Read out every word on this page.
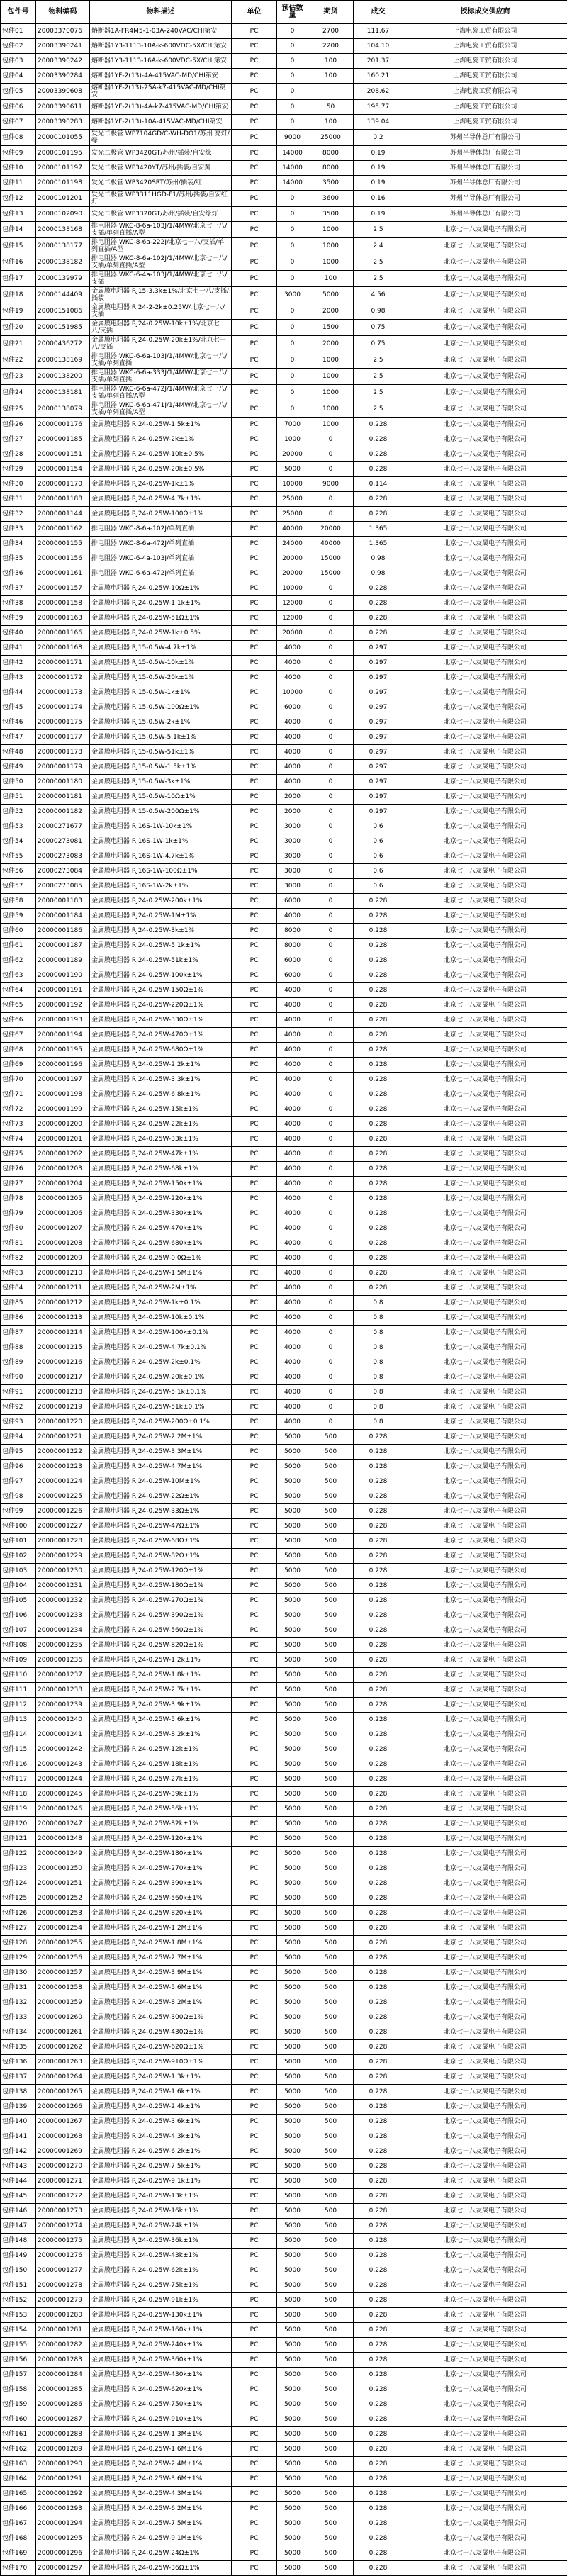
包件号	物料编码	物料描述	单位	预估数量	期货	成交	授标成交供应商
包件01	20003370076	熔断器1A-FR4M5-1-03A-240VAC/CHI第安	PC	0	2700	111.67	上海电瓷工贸有限公司
包件02	20003390241	熔断器1Y3-1113-10A-k-600VDC-5X/CHI第安	PC	0	2200	104.10	上海电瓷工贸有限公司
包件03	20003390242	熔断器1Y3-1113-16A-k-600VDC-5X/CHI第安	PC	0	100	201.37	上海电瓷工贸有限公司
包件04	20003390284	熔断器1YF-2(13)-4A-415VAC-MD/CHI第安	PC	0	100	160.21	上海电瓷工贸有限公司
包件05	20003390608	熔断器1YF-2(13)-25A-k7-415VAC-MD/CHI第安	PC	0		208.62	上海电瓷工贸有限公司
包件06	20003390611	熔断器1YF-2(13)-4A-k7-415VAC-MD/CHI第安	PC	0	50	195.77	上海电瓷工贸有限公司
包件07	20003390283	熔断器1YF-2(13)-10A-415VAC-MD/CHI第安	PC	0	100	139.04	上海电瓷工贸有限公司
包件08	20000101055	发光二极管 WP7104GD/C-WH-DO1/苏州 亮灯/绿	PC	9000	25000	0.2	苏州半导体总厂有限公司
包件09	20000101195	发光二极管 WP3420GT/苏州/插装/自安绿	PC	14000	8000	0.19	苏州半导体总厂有限公司
包件10	20000101197	发光二极管 WP3420YT/苏州/插装/自安黄	PC	14000	8000	0.19	苏州半导体总厂有限公司
包件11	20000101198	发光二极管 WP3420SRT/苏州/插装/红	PC	14000	3500	0.19	苏州半导体总厂有限公司
包件12	20000101201	发光二极管 WP3311HGD-F1/苏州/插装/自安红灯	PC	0	3600	0.16	苏州半导体总厂有限公司
包件13	20000102090	发光二极管 WP3320GT/苏州/插装/自安绿灯	PC	0	3500	0.19	苏州半导体总厂有限公司
包件14	20000138168	排电阻器 WKC-8-6a-103J/1/4MW/北京七一八/支插/单列直插/A型	PC	0	1000	2.5	北京七一八友晟电子有限公司
包件15	20000138177	排电阻器 WKC-8-6a-222J/北京七一八/支插/单列直插/A型	PC	0	1000	2.4	北京七一八友晟电子有限公司
包件16	20000138182	排电阻器 WKC-8-6a-102J/1/4MW/北京七一八/支插/单列直插/A型	PC	0	1000	2.5	北京七一八友晟电子有限公司
包件17	20000139979	排电阻器 WKC-6-4a-103J/1/4MW/北京七一八/支插	PC	0	100	2.5	北京七一八友晟电子有限公司
包件18	20000144409	金属膜电阻器 RJ15-3.3k±1%/北京七一八/支插/插装	PC	3000	5000	4.56	北京七一八友晟电子有限公司
包件19	20000151086	金属膜电阻器 RJ24-2-2k±0.25W/北京七一八/支插	PC	0	2000	0.98	北京七一八友晟电子有限公司
包件20	20000151985	金属膜电阻器 RJ24-0.25W-10k±1%/北京七一八/支插	PC	0	1500	0.75	北京七一八友晟电子有限公司
包件21	20000436272	金属膜电阻器 RJ24-0.25W-20k±1%/北京七一八/支插	PC	0	2000	0.75	北京七一八友晟电子有限公司
包件22	20000138169	排电阻器 WKC-6-6a-103J/1/4MW/北京七一八/支插/单列直插	PC	0	1000	2.5	北京七一八友晟电子有限公司
包件23	20000138200	排电阻器 WKC-6-6a-333J/1/4MW/北京七一八/支插/单列直插	PC	0	1000	2.5	北京七一八友晟电子有限公司
包件24	20000138181	排电阻器 WKC-6-6a-472J/1/4MW/北京七一八/支插/单列直插/A型	PC	0	1000	2.5	北京七一八友晟电子有限公司
包件25	20000138079	排电阻器 WKC-6-6a-471J/1/4MW/北京七一八/支插/单列直插/A型	PC	0	1000	2.5	北京七一八友晟电子有限公司
包件26	20000001176	金属膜电阻器 RJ24-0.25W-1.5k±1%	PC	7000	1000	0.228	北京七一八友晟电子有限公司
包件27	20000001185	金属膜电阻器 RJ24-0.25W-2k±1%	PC	1000	0	0.228	北京七一八友晟电子有限公司
包件28	20000001151	金属膜电阻器 RJ24-0.25W-10k±0.5%	PC	20000	0	0.228	北京七一八友晟电子有限公司
包件29	20000001154	金属膜电阻器 RJ24-0.25W-20k±0.5%	PC	5000	0	0.228	北京七一八友晟电子有限公司
包件30	20000001170	金属膜电阻器 RJ24-0.25W-1k±1%	PC	10000	9000	0.114	北京七一八友晟电子有限公司
包件31	20000001188	金属膜电阻器 RJ24-0.25W-4.7k±1%	PC	25000	0	0.228	北京七一八友晟电子有限公司
包件32	20000001144	金属膜电阻器 RJ24-0.25W-100Ω±1%	PC	25000	0	0.228	北京七一八友晟电子有限公司
包件33	20000001162	排电阻器 WKC-8-6a-102J/单列直插	PC	40000	20000	1.365	北京七一八友晟电子有限公司
包件34	20000001155	排电阻器 WKC-8-6a-472J/单列直插	PC	24000	40000	1.365	北京七一八友晟电子有限公司
包件35	20000001156	排电阻器 WKC-6-4a-103J/单列直插	PC	20000	15000	0.98	北京七一八友晟电子有限公司
包件36	20000001161	排电阻器 WKC-6-6a-472J/单列直插	PC	20000	15000	0.98	北京七一八友晟电子有限公司
包件37	20000001157	金属膜电阻器 RJ24-0.25W-10Ω±1%	PC	10000	0	0.228	北京七一八友晟电子有限公司
包件38	20000001158	金属膜电阻器 RJ24-0.25W-1.1k±1%	PC	12000	0	0.228	北京七一八友晟电子有限公司
包件39	20000001163	金属膜电阻器 RJ24-0.25W-51Ω±1%	PC	12000	0	0.228	北京七一八友晟电子有限公司
包件40	20000001166	金属膜电阻器 RJ24-0.25W-1k±0.5%	PC	20000	0	0.228	北京七一八友晟电子有限公司
包件41	20000001168	金属膜电阻器 RJ15-0.5W-4.7k±1%	PC	4000	0	0.297	北京七一八友晟电子有限公司
包件42	20000001171	金属膜电阻器 RJ15-0.5W-10k±1%	PC	4000	0	0.297	北京七一八友晟电子有限公司
包件43	20000001172	金属膜电阻器 RJ15-0.5W-20k±1%	PC	4000	0	0.297	北京七一八友晟电子有限公司
包件44	20000001173	金属膜电阻器 RJ15-0.5W-1k±1%	PC	10000	0	0.297	北京七一八友晟电子有限公司
包件45	20000001174	金属膜电阻器 RJ15-0.5W-100Ω±1%	PC	6000	0	0.297	北京七一八友晟电子有限公司
包件46	20000001175	金属膜电阻器 RJ15-0.5W-2k±1%	PC	4000	0	0.297	北京七一八友晟电子有限公司
包件47	20000001177	金属膜电阻器 RJ15-0.5W-5.1k±1%	PC	4000	0	0.297	北京七一八友晟电子有限公司
包件48	20000001178	金属膜电阻器 RJ15-0.5W-51k±1%	PC	4000	0	0.297	北京七一八友晟电子有限公司
包件49	20000001179	金属膜电阻器 RJ15-0.5W-1.5k±1%	PC	4000	0	0.297	北京七一八友晟电子有限公司
包件50	20000001180	金属膜电阻器 RJ15-0.5W-3k±1%	PC	4000	0	0.297	北京七一八友晟电子有限公司
包件51	20000001181	金属膜电阻器 RJ15-0.5W-10Ω±1%	PC	2000	0	0.297	北京七一八友晟电子有限公司
包件52	20000001182	金属膜电阻器 RJ15-0.5W-200Ω±1%	PC	2000	0	0.297	北京七一八友晟电子有限公司
包件53	20000271677	金属膜电阻器 RJ16S-1W-10k±1%	PC	3000	0	0.6	北京七一八友晟电子有限公司
包件54	20000273081	金属膜电阻器 RJ16S-1W-1k±1%	PC	3000	0	0.6	北京七一八友晟电子有限公司
包件55	20000273083	金属膜电阻器 RJ16S-1W-4.7k±1%	PC	3000	0	0.6	北京七一八友晟电子有限公司
包件56	20000273084	金属膜电阻器 RJ16S-1W-100Ω±1%	PC	3000	0	0.6	北京七一八友晟电子有限公司
包件57	20000273085	金属膜电阻器 RJ16S-1W-2k±1%	PC	3000	0	0.6	北京七一八友晟电子有限公司
包件58	20000001183	金属膜电阻器 RJ24-0.25W-200k±1%	PC	6000	0	0.228	北京七一八友晟电子有限公司
包件59	20000001184	金属膜电阻器 RJ24-0.25W-1M±1%	PC	4000	0	0.228	北京七一八友晟电子有限公司
包件60	20000001186	金属膜电阻器 RJ24-0.25W-3k±1%	PC	8000	0	0.228	北京七一八友晟电子有限公司
包件61	20000001187	金属膜电阻器 RJ24-0.25W-5.1k±1%	PC	8000	0	0.228	北京七一八友晟电子有限公司
包件62	20000001189	金属膜电阻器 RJ24-0.25W-51k±1%	PC	6000	0	0.228	北京七一八友晟电子有限公司
包件63	20000001190	金属膜电阻器 RJ24-0.25W-100k±1%	PC	6000	0	0.228	北京七一八友晟电子有限公司
包件64	20000001191	金属膜电阻器 RJ24-0.25W-150Ω±1%	PC	4000	0	0.228	北京七一八友晟电子有限公司
包件65	20000001192	金属膜电阻器 RJ24-0.25W-220Ω±1%	PC	4000	0	0.228	北京七一八友晟电子有限公司
包件66	20000001193	金属膜电阻器 RJ24-0.25W-330Ω±1%	PC	4000	0	0.228	北京七一八友晟电子有限公司
包件67	20000001194	金属膜电阻器 RJ24-0.25W-470Ω±1%	PC	4000	0	0.228	北京七一八友晟电子有限公司
包件68	20000001195	金属膜电阻器 RJ24-0.25W-680Ω±1%	PC	4000	0	0.228	北京七一八友晟电子有限公司
包件69	20000001196	金属膜电阻器 RJ24-0.25W-2.2k±1%	PC	4000	0	0.228	北京七一八友晟电子有限公司
包件70	20000001197	金属膜电阻器 RJ24-0.25W-3.3k±1%	PC	4000	0	0.228	北京七一八友晟电子有限公司
包件71	20000001198	金属膜电阻器 RJ24-0.25W-6.8k±1%	PC	4000	0	0.228	北京七一八友晟电子有限公司
包件72	20000001199	金属膜电阻器 RJ24-0.25W-15k±1%	PC	4000	0	0.228	北京七一八友晟电子有限公司
包件73	20000001200	金属膜电阻器 RJ24-0.25W-22k±1%	PC	4000	0	0.228	北京七一八友晟电子有限公司
包件74	20000001201	金属膜电阻器 RJ24-0.25W-33k±1%	PC	4000	0	0.228	北京七一八友晟电子有限公司
包件75	20000001202	金属膜电阻器 RJ24-0.25W-47k±1%	PC	4000	0	0.228	北京七一八友晟电子有限公司
包件76	20000001203	金属膜电阻器 RJ24-0.25W-68k±1%	PC	4000	0	0.228	北京七一八友晟电子有限公司
包件77	20000001204	金属膜电阻器 RJ24-0.25W-150k±1%	PC	4000	0	0.228	北京七一八友晟电子有限公司
包件78	20000001205	金属膜电阻器 RJ24-0.25W-220k±1%	PC	4000	0	0.228	北京七一八友晟电子有限公司
包件79	20000001206	金属膜电阻器 RJ24-0.25W-330k±1%	PC	4000	0	0.228	北京七一八友晟电子有限公司
包件80	20000001207	金属膜电阻器 RJ24-0.25W-470k±1%	PC	4000	0	0.228	北京七一八友晟电子有限公司
包件81	20000001208	金属膜电阻器 RJ24-0.25W-680k±1%	PC	4000	0	0.228	北京七一八友晟电子有限公司
包件82	20000001209	金属膜电阻器 RJ24-0.25W-0.0Ω±1%	PC	4000	0	0.228	北京七一八友晟电子有限公司
包件83	20000001210	金属膜电阻器 RJ24-0.25W-1.5M±1%	PC	4000	0	0.228	北京七一八友晟电子有限公司
包件84	20000001211	金属膜电阻器 RJ24-0.25W-2M±1%	PC	4000	0	0.228	北京七一八友晟电子有限公司
包件85	20000001212	金属膜电阻器 RJ24-0.25W-1k±0.1%	PC	4000	0	0.8	北京七一八友晟电子有限公司
包件86	20000001213	金属膜电阻器 RJ24-0.25W-10k±0.1%	PC	4000	0	0.8	北京七一八友晟电子有限公司
包件87	20000001214	金属膜电阻器 RJ24-0.25W-100k±0.1%	PC	4000	0	0.8	北京七一八友晟电子有限公司
包件88	20000001215	金属膜电阻器 RJ24-0.25W-4.7k±0.1%	PC	4000	0	0.8	北京七一八友晟电子有限公司
包件89	20000001216	金属膜电阻器 RJ24-0.25W-2k±0.1%	PC	4000	0	0.8	北京七一八友晟电子有限公司
包件90	20000001217	金属膜电阻器 RJ24-0.25W-20k±0.1%	PC	4000	0	0.8	北京七一八友晟电子有限公司
包件91	20000001218	金属膜电阻器 RJ24-0.25W-5.1k±0.1%	PC	4000	0	0.8	北京七一八友晟电子有限公司
包件92	20000001219	金属膜电阻器 RJ24-0.25W-51k±0.1%	PC	4000	0	0.8	北京七一八友晟电子有限公司
包件93	20000001220	金属膜电阻器 RJ24-0.25W-200Ω±0.1%	PC	4000	0	0.8	北京七一八友晟电子有限公司
包件94	20000001221	金属膜电阻器 RJ24-0.25W-2.2M±1%	PC	5000	500	0.228	北京七一八友晟电子有限公司
包件95	20000001222	金属膜电阻器 RJ24-0.25W-3.3M±1%	PC	5000	500	0.228	北京七一八友晟电子有限公司
包件96	20000001223	金属膜电阻器 RJ24-0.25W-4.7M±1%	PC	5000	500	0.228	北京七一八友晟电子有限公司
包件97	20000001224	金属膜电阻器 RJ24-0.25W-10M±1%	PC	5000	500	0.228	北京七一八友晟电子有限公司
包件98	20000001225	金属膜电阻器 RJ24-0.25W-22Ω±1%	PC	5000	500	0.228	北京七一八友晟电子有限公司
包件99	20000001226	金属膜电阻器 RJ24-0.25W-33Ω±1%	PC	5000	500	0.228	北京七一八友晟电子有限公司
包件100	20000001227	金属膜电阻器 RJ24-0.25W-47Ω±1%	PC	5000	500	0.228	北京七一八友晟电子有限公司
包件101	20000001228	金属膜电阻器 RJ24-0.25W-68Ω±1%	PC	5000	500	0.228	北京七一八友晟电子有限公司
包件102	20000001229	金属膜电阻器 RJ24-0.25W-82Ω±1%	PC	5000	500	0.228	北京七一八友晟电子有限公司
包件103	20000001230	金属膜电阻器 RJ24-0.25W-120Ω±1%	PC	5000	500	0.228	北京七一八友晟电子有限公司
包件104	20000001231	金属膜电阻器 RJ24-0.25W-180Ω±1%	PC	5000	500	0.228	北京七一八友晟电子有限公司
包件105	20000001232	金属膜电阻器 RJ24-0.25W-270Ω±1%	PC	5000	500	0.228	北京七一八友晟电子有限公司
包件106	20000001233	金属膜电阻器 RJ24-0.25W-390Ω±1%	PC	5000	500	0.228	北京七一八友晟电子有限公司
包件107	20000001234	金属膜电阻器 RJ24-0.25W-560Ω±1%	PC	5000	500	0.228	北京七一八友晟电子有限公司
包件108	20000001235	金属膜电阻器 RJ24-0.25W-820Ω±1%	PC	5000	500	0.228	北京七一八友晟电子有限公司
包件109	20000001236	金属膜电阻器 RJ24-0.25W-1.2k±1%	PC	5000	500	0.228	北京七一八友晟电子有限公司
包件110	20000001237	金属膜电阻器 RJ24-0.25W-1.8k±1%	PC	5000	500	0.228	北京七一八友晟电子有限公司
包件111	20000001238	金属膜电阻器 RJ24-0.25W-2.7k±1%	PC	5000	500	0.228	北京七一八友晟电子有限公司
包件112	20000001239	金属膜电阻器 RJ24-0.25W-3.9k±1%	PC	5000	500	0.228	北京七一八友晟电子有限公司
包件113	20000001240	金属膜电阻器 RJ24-0.25W-5.6k±1%	PC	5000	500	0.228	北京七一八友晟电子有限公司
包件114	20000001241	金属膜电阻器 RJ24-0.25W-8.2k±1%	PC	5000	500	0.228	北京七一八友晟电子有限公司
包件115	20000001242	金属膜电阻器 RJ24-0.25W-12k±1%	PC	5000	500	0.228	北京七一八友晟电子有限公司
包件116	20000001243	金属膜电阻器 RJ24-0.25W-18k±1%	PC	5000	500	0.228	北京七一八友晟电子有限公司
包件117	20000001244	金属膜电阻器 RJ24-0.25W-27k±1%	PC	5000	500	0.228	北京七一八友晟电子有限公司
包件118	20000001245	金属膜电阻器 RJ24-0.25W-39k±1%	PC	5000	500	0.228	北京七一八友晟电子有限公司
包件119	20000001246	金属膜电阻器 RJ24-0.25W-56k±1%	PC	5000	500	0.228	北京七一八友晟电子有限公司
包件120	20000001247	金属膜电阻器 RJ24-0.25W-82k±1%	PC	5000	500	0.228	北京七一八友晟电子有限公司
包件121	20000001248	金属膜电阻器 RJ24-0.25W-120k±1%	PC	5000	500	0.228	北京七一八友晟电子有限公司
包件122	20000001249	金属膜电阻器 RJ24-0.25W-180k±1%	PC	5000	500	0.228	北京七一八友晟电子有限公司
包件123	20000001250	金属膜电阻器 RJ24-0.25W-270k±1%	PC	5000	500	0.228	北京七一八友晟电子有限公司
包件124	20000001251	金属膜电阻器 RJ24-0.25W-390k±1%	PC	5000	500	0.228	北京七一八友晟电子有限公司
包件125	20000001252	金属膜电阻器 RJ24-0.25W-560k±1%	PC	5000	500	0.228	北京七一八友晟电子有限公司
包件126	20000001253	金属膜电阻器 RJ24-0.25W-820k±1%	PC	5000	500	0.228	北京七一八友晟电子有限公司
包件127	20000001254	金属膜电阻器 RJ24-0.25W-1.2M±1%	PC	5000	500	0.228	北京七一八友晟电子有限公司
包件128	20000001255	金属膜电阻器 RJ24-0.25W-1.8M±1%	PC	5000	500	0.228	北京七一八友晟电子有限公司
包件129	20000001256	金属膜电阻器 RJ24-0.25W-2.7M±1%	PC	5000	500	0.228	北京七一八友晟电子有限公司
包件130	20000001257	金属膜电阻器 RJ24-0.25W-3.9M±1%	PC	5000	500	0.228	北京七一八友晟电子有限公司
包件131	20000001258	金属膜电阻器 RJ24-0.25W-5.6M±1%	PC	5000	500	0.228	北京七一八友晟电子有限公司
包件132	20000001259	金属膜电阻器 RJ24-0.25W-8.2M±1%	PC	5000	500	0.228	北京七一八友晟电子有限公司
包件133	20000001260	金属膜电阻器 RJ24-0.25W-300Ω±1%	PC	5000	500	0.228	北京七一八友晟电子有限公司
包件134	20000001261	金属膜电阻器 RJ24-0.25W-430Ω±1%	PC	5000	500	0.228	北京七一八友晟电子有限公司
包件135	20000001262	金属膜电阻器 RJ24-0.25W-620Ω±1%	PC	5000	500	0.228	北京七一八友晟电子有限公司
包件136	20000001263	金属膜电阻器 RJ24-0.25W-910Ω±1%	PC	5000	500	0.228	北京七一八友晟电子有限公司
包件137	20000001264	金属膜电阻器 RJ24-0.25W-1.3k±1%	PC	5000	500	0.228	北京七一八友晟电子有限公司
包件138	20000001265	金属膜电阻器 RJ24-0.25W-1.6k±1%	PC	5000	500	0.228	北京七一八友晟电子有限公司
包件139	20000001266	金属膜电阻器 RJ24-0.25W-2.4k±1%	PC	5000	500	0.228	北京七一八友晟电子有限公司
包件140	20000001267	金属膜电阻器 RJ24-0.25W-3.6k±1%	PC	5000	500	0.228	北京七一八友晟电子有限公司
包件141	20000001268	金属膜电阻器 RJ24-0.25W-4.3k±1%	PC	5000	500	0.228	北京七一八友晟电子有限公司
包件142	20000001269	金属膜电阻器 RJ24-0.25W-6.2k±1%	PC	5000	500	0.228	北京七一八友晟电子有限公司
包件143	20000001270	金属膜电阻器 RJ24-0.25W-7.5k±1%	PC	5000	500	0.228	北京七一八友晟电子有限公司
包件144	20000001271	金属膜电阻器 RJ24-0.25W-9.1k±1%	PC	5000	500	0.228	北京七一八友晟电子有限公司
包件145	20000001272	金属膜电阻器 RJ24-0.25W-13k±1%	PC	5000	500	0.228	北京七一八友晟电子有限公司
包件146	20000001273	金属膜电阻器 RJ24-0.25W-16k±1%	PC	5000	500	0.228	北京七一八友晟电子有限公司
包件147	20000001274	金属膜电阻器 RJ24-0.25W-24k±1%	PC	5000	500	0.228	北京七一八友晟电子有限公司
包件148	20000001275	金属膜电阻器 RJ24-0.25W-36k±1%	PC	5000	500	0.228	北京七一八友晟电子有限公司
包件149	20000001276	金属膜电阻器 RJ24-0.25W-43k±1%	PC	5000	500	0.228	北京七一八友晟电子有限公司
包件150	20000001277	金属膜电阻器 RJ24-0.25W-62k±1%	PC	5000	500	0.228	北京七一八友晟电子有限公司
包件151	20000001278	金属膜电阻器 RJ24-0.25W-75k±1%	PC	5000	500	0.228	北京七一八友晟电子有限公司
包件152	20000001279	金属膜电阻器 RJ24-0.25W-91k±1%	PC	5000	500	0.228	北京七一八友晟电子有限公司
包件153	20000001280	金属膜电阻器 RJ24-0.25W-130k±1%	PC	5000	500	0.228	北京七一八友晟电子有限公司
包件154	20000001281	金属膜电阻器 RJ24-0.25W-160k±1%	PC	5000	500	0.228	北京七一八友晟电子有限公司
包件155	20000001282	金属膜电阻器 RJ24-0.25W-240k±1%	PC	5000	500	0.228	北京七一八友晟电子有限公司
包件156	20000001283	金属膜电阻器 RJ24-0.25W-360k±1%	PC	5000	500	0.228	北京七一八友晟电子有限公司
包件157	20000001284	金属膜电阻器 RJ24-0.25W-430k±1%	PC	5000	500	0.228	北京七一八友晟电子有限公司
包件158	20000001285	金属膜电阻器 RJ24-0.25W-620k±1%	PC	5000	500	0.228	北京七一八友晟电子有限公司
包件159	20000001286	金属膜电阻器 RJ24-0.25W-750k±1%	PC	5000	500	0.228	北京七一八友晟电子有限公司
包件160	20000001287	金属膜电阻器 RJ24-0.25W-910k±1%	PC	5000	500	0.228	北京七一八友晟电子有限公司
包件161	20000001288	金属膜电阻器 RJ24-0.25W-1.3M±1%	PC	5000	500	0.228	北京七一八友晟电子有限公司
包件162	20000001289	金属膜电阻器 RJ24-0.25W-1.6M±1%	PC	5000	500	0.228	北京七一八友晟电子有限公司
包件163	20000001290	金属膜电阻器 RJ24-0.25W-2.4M±1%	PC	5000	500	0.228	北京七一八友晟电子有限公司
包件164	20000001291	金属膜电阻器 RJ24-0.25W-3.6M±1%	PC	5000	500	0.228	北京七一八友晟电子有限公司
包件165	20000001292	金属膜电阻器 RJ24-0.25W-4.3M±1%	PC	5000	500	0.228	北京七一八友晟电子有限公司
包件166	20000001293	金属膜电阻器 RJ24-0.25W-6.2M±1%	PC	5000	500	0.228	北京七一八友晟电子有限公司
包件167	20000001294	金属膜电阻器 RJ24-0.25W-7.5M±1%	PC	5000	500	0.228	北京七一八友晟电子有限公司
包件168	20000001295	金属膜电阻器 RJ24-0.25W-9.1M±1%	PC	5000	500	0.228	北京七一八友晟电子有限公司
包件169	20000001296	金属膜电阻器 RJ24-0.25W-24Ω±1%	PC	5000	500	0.228	北京七一八友晟电子有限公司
包件170	20000001297	金属膜电阻器 RJ24-0.25W-36Ω±1%	PC	5000	500	0.228	北京七一八友晟电子有限公司
